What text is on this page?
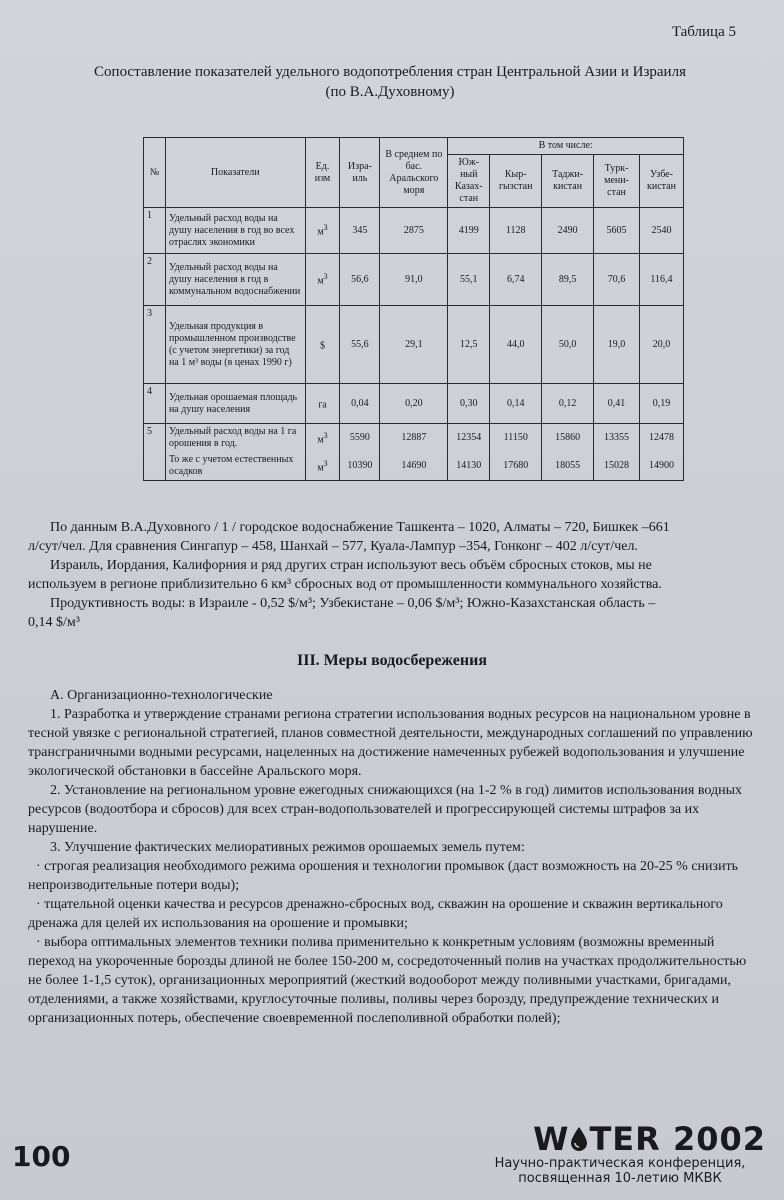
Таблица 5
Сопоставление показателей удельного водопотребления стран Центральной Азии и Израиля
(по В.А.Духовному)
№	Показатели	Ед. изм	Изра- иль	В среднем по бас. Аральского моря	В том числе:				
					Юж- ный Казах- стан	Кыр- гызстан	Таджи- кистан	Турк- мени- стан	Узбе- кистан
1	Удельный расход воды на душу населения в год во всех отраслях экономики	$м^3$	345	2875	4199	1128	2490	5605	2540
2	Удельный расход воды на душу населения в год в коммунальном водоснабжении	$м^3$	56,6	91,0	55,1	6,74	89,5	70,6	116,4
3	Удельная продукция в промышленном производстве (с учетом энергетики) за год на 1 м³ воды (в ценах 1990 г)	$	55,6	29,1	12,5	44,0	50,0	19,0	20,0
4	Удельная орошаемая площадь на душу населения	га	0,04	0,20	0,30	0,14	0,12	0,41	0,19
5	Удельный расход воды на 1 га орошения в год.	$м^3$	5590	12887	12354	11150	15860	13355	12478
	То же с учетом естественных осадков	$м^3$	10390	14690	14130	17680	18055	15028	14900

По данным В.А.Духовного / 1 / городское водоснабжение Ташкента – 1020, Алматы – 720, Бишкек –661

л/сут/чел. Для сравнения Сингапур – 458, Шанхай – 577, Куала-Лампур –354, Гонконг – 402 л/сут/чел.

Израиль, Иордания, Калифорния и ряд других стран используют весь объём сбросных стоков, мы не

используем в регионе приблизительно 6 км³ сбросных вод от промышленности коммунального хозяйства.

Продуктивность воды: в Израиле - 0,52 $/м³; Узбекистане – 0,06 $/м³; Южно-Казахстанская область –

0,14 $/м³

III. Меры водосбережения

А. Организационно-технологические

1. Разработка и утверждение странами региона стратегии использования водных ресурсов на национальном уровне в тесной увязке с региональной стратегией, планов совместной деятельности, международных соглашений по управлению трансграничными водными ресурсами, нацеленных на достижение намеченных рубежей водопользования и улучшение экологической обстановки в бассейне Аральского моря.

2. Установление на региональном уровне ежегодных снижающихся (на 1-2 % в год) лимитов использования водных ресурсов (водоотбора и сбросов) для всех стран-водопользователей и прогрессирующей системы штрафов за их нарушение.

3. Улучшение фактических мелиоративных режимов орошаемых земель путем:

· строгая реализация необходимого режима орошения и технологии промывок (даст возможность на 20-25 % снизить непроизводительные потери воды);

· тщательной оценки качества и ресурсов дренажно-сбросных вод, скважин на орошение и скважин вертикального дренажа для целей их использования на орошение и промывки;

· выбора оптимальных элементов техники полива применительно к конкретным условиям (возможны временный переход на укороченные борозды длиной не более 150-200 м, сосредоточенный полив на участках продолжительностью не более 1-1,5 суток), организационных мероприятий (жесткий водооборот между поливными участками, бригадами, отделениями, а также хозяйствами, круглосуточные поливы, поливы через борозду, предупреждение технических и организационных потерь, обеспечение своевременной послеполивной обработки полей);

100	W TER 2002
Научно-практическая конференция,
посвященная 10-летию МКВК
